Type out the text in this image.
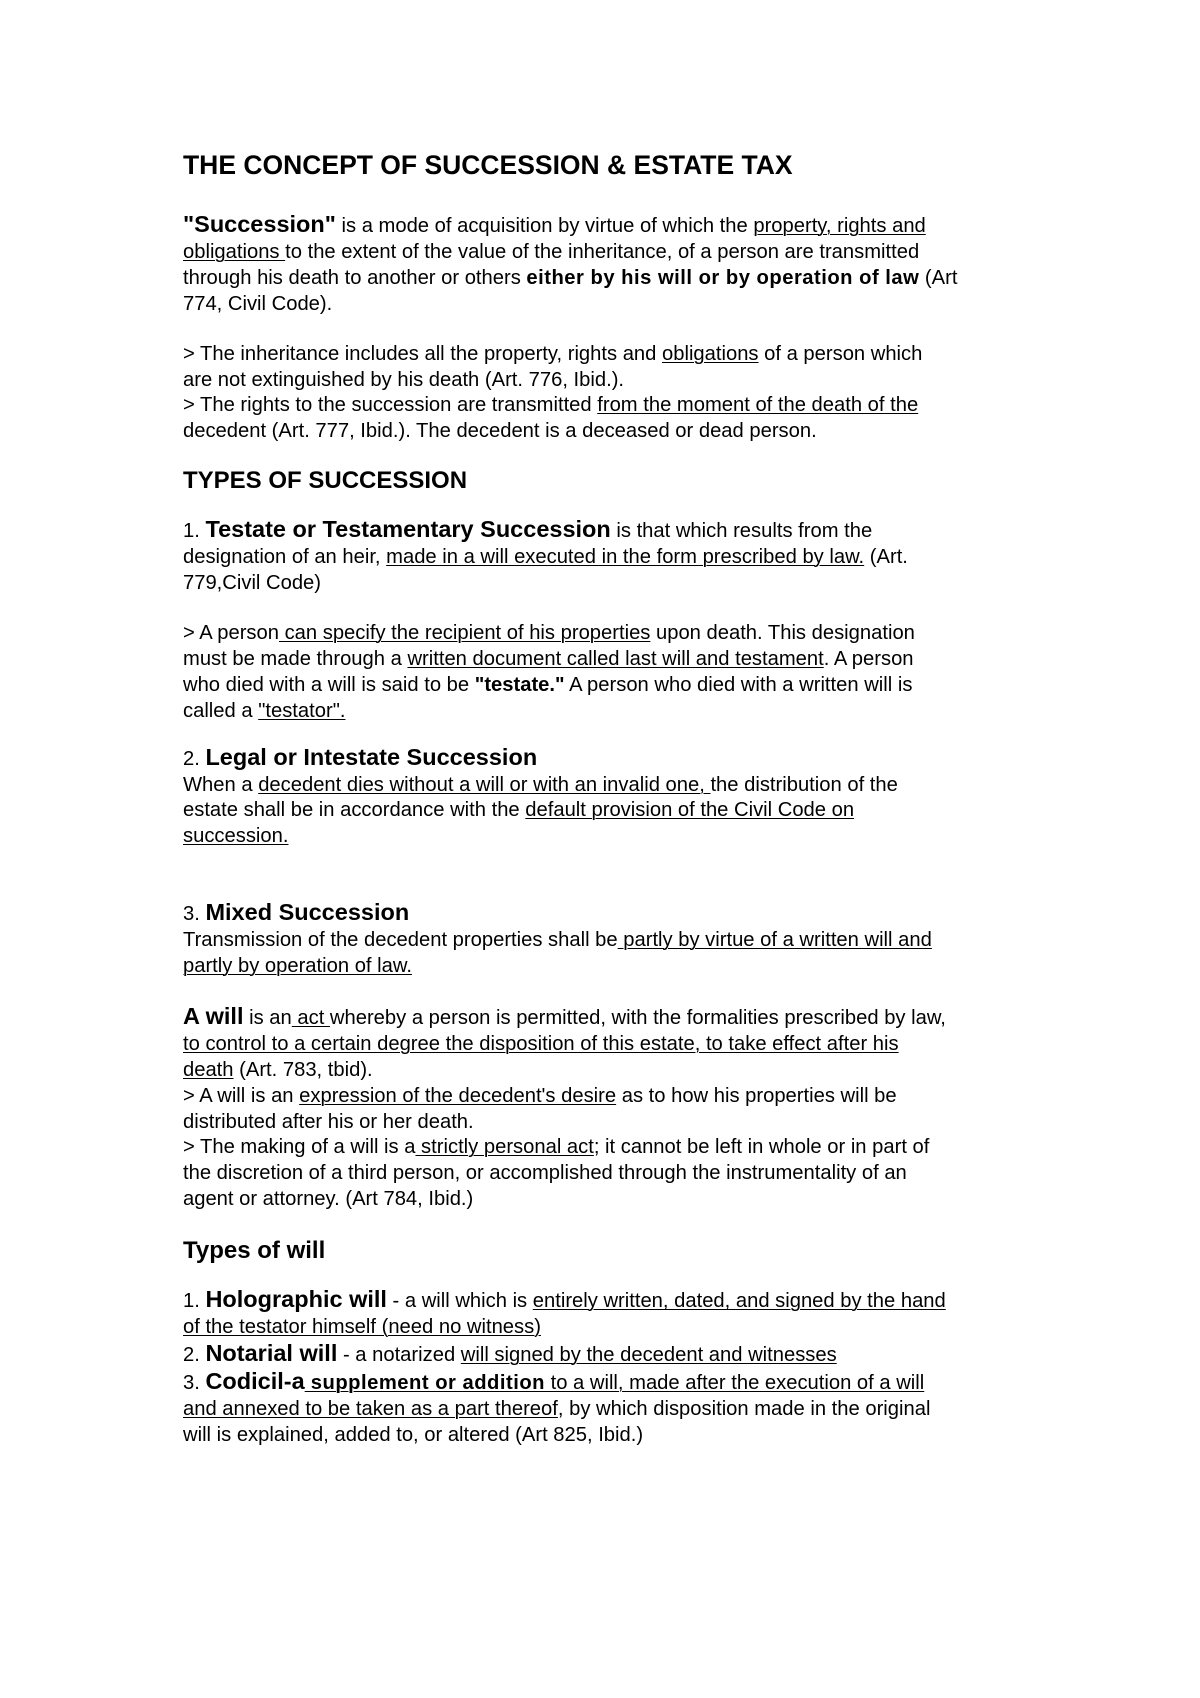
THE CONCEPT OF SUCCESSION & ESTATE TAX
"Succession" is a mode of acquisition by virtue of which the property, rights and
obligations to the extent of the value of the inheritance, of a person are transmitted
through his death to another or others either by his will or by operation of law (Art
774, Civil Code).
> The inheritance includes all the property, rights and obligations of a person which
are not extinguished by his death (Art. 776, Ibid.).
> The rights to the succession are transmitted from the moment of the death of the
decedent (Art. 777, Ibid.). The decedent is a deceased or dead person.
TYPES OF SUCCESSION
1. Testate or Testamentary Succession is that which results from the
designation of an heir, made in a will executed in the form prescribed by law. (Art.
779,Civil Code)
> A person can specify the recipient of his properties upon death. This designation
must be made through a written document called last will and testament. A person
who died with a will is said to be "testate." A person who died with a written will is
called a "testator".
2. Legal or Intestate Succession
When a decedent dies without a will or with an invalid one, the distribution of the
estate shall be in accordance with the default provision of the Civil Code on
succession.
3. Mixed Succession
Transmission of the decedent properties shall be partly by virtue of a written will and
partly by operation of law.
A will is an act whereby a person is permitted, with the formalities prescribed by law,
to control to a certain degree the disposition of this estate, to take effect after his
death (Art. 783, tbid).
> A will is an expression of the decedent's desire as to how his properties will be
distributed after his or her death.
> The making of a will is a strictly personal act; it cannot be left in whole or in part of
the discretion of a third person, or accomplished through the instrumentality of an
agent or attorney. (Art 784, Ibid.)
Types of will
1. Holographic will - a will which is entirely written, dated, and signed by the hand
of the testator himself (need no witness)
2. Notarial will - a notarized will signed by the decedent and witnesses
3. Codicil-a supplement or addition to a will, made after the execution of a will
and annexed to be taken as a part thereof, by which disposition made in the original
will is explained, added to, or altered (Art 825, Ibid.)
